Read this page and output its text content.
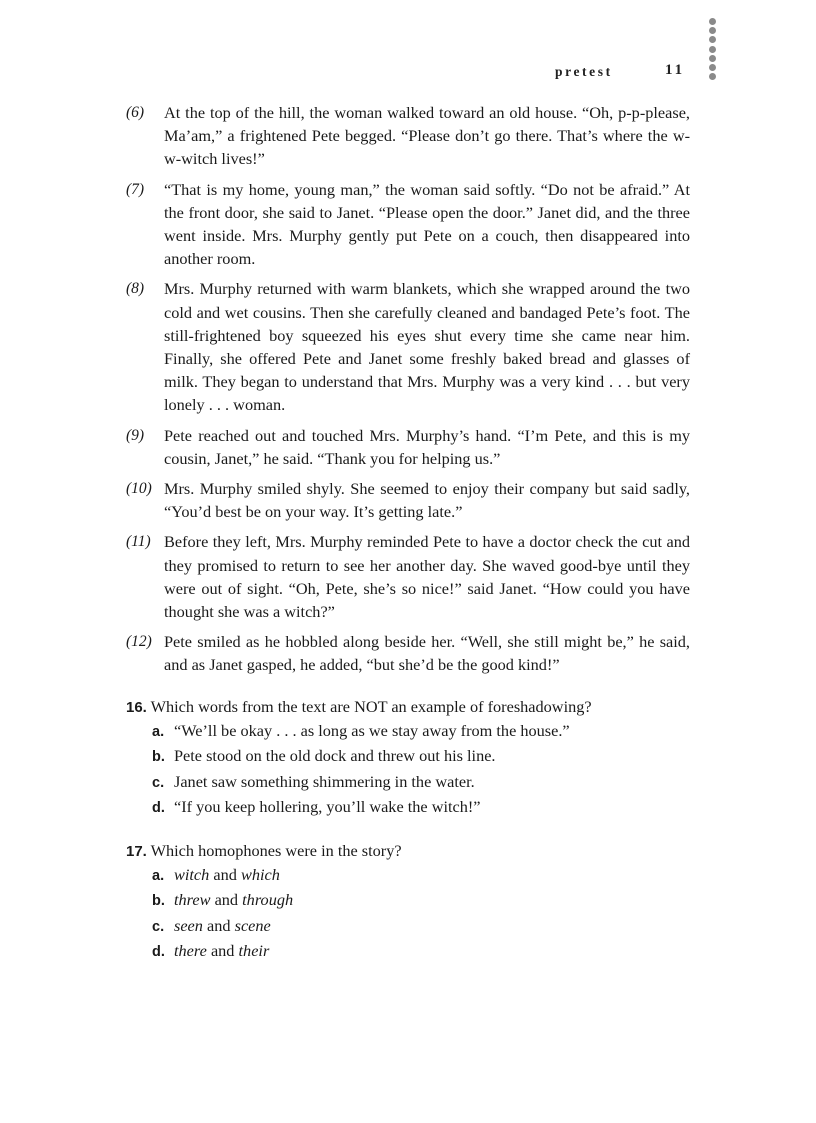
pretest	11
(6) At the top of the hill, the woman walked toward an old house. “Oh, p-p-please, Ma’am,” a frightened Pete begged. “Please don’t go there. That’s where the w-w-witch lives!”
(7) “That is my home, young man,” the woman said softly. “Do not be afraid.” At the front door, she said to Janet. “Please open the door.” Janet did, and the three went inside. Mrs. Murphy gently put Pete on a couch, then disappeared into another room.
(8) Mrs. Murphy returned with warm blankets, which she wrapped around the two cold and wet cousins. Then she carefully cleaned and bandaged Pete’s foot. The still-frightened boy squeezed his eyes shut every time she came near him. Finally, she offered Pete and Janet some freshly baked bread and glasses of milk. They began to understand that Mrs. Murphy was a very kind . . . but very lonely . . . woman.
(9) Pete reached out and touched Mrs. Murphy’s hand. “I’m Pete, and this is my cousin, Janet,” he said. “Thank you for helping us.”
(10) Mrs. Murphy smiled shyly. She seemed to enjoy their company but said sadly, “You’d best be on your way. It’s getting late.”
(11) Before they left, Mrs. Murphy reminded Pete to have a doctor check the cut and they promised to return to see her another day. She waved good-bye until they were out of sight. “Oh, Pete, she’s so nice!” said Janet. “How could you have thought she was a witch?”
(12) Pete smiled as he hobbled along beside her. “Well, she still might be,” he said, and as Janet gasped, he added, “but she’d be the good kind!”
16. Which words from the text are NOT an example of foreshadowing?
a. “We’ll be okay . . . as long as we stay away from the house.”
b. Pete stood on the old dock and threw out his line.
c. Janet saw something shimmering in the water.
d. “If you keep hollering, you’ll wake the witch!”
17. Which homophones were in the story?
a. witch and which
b. threw and through
c. seen and scene
d. there and their
